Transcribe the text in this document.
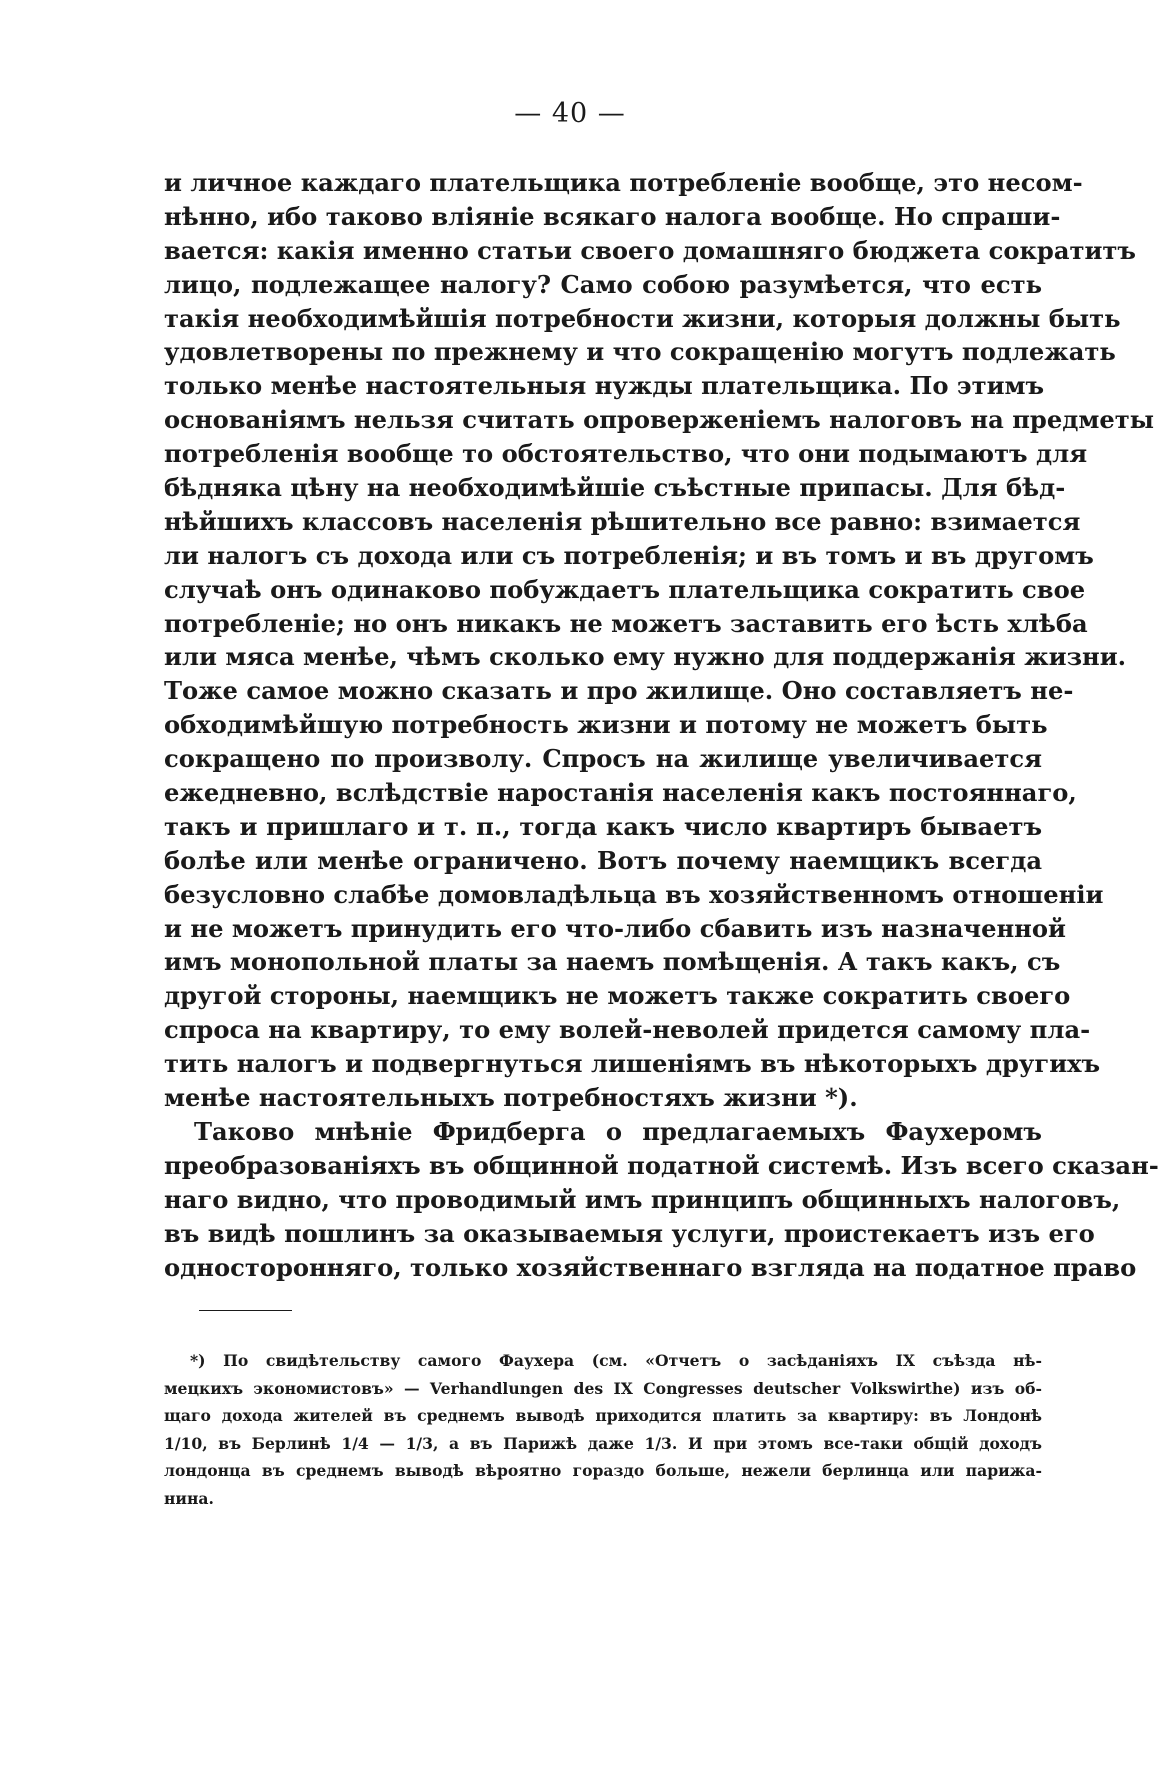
— 40 —
и личное каждаго плательщика потребленіе вообще, это несом-
нѣнно, ибо таково вліяніе всякаго налога вообще. Но спраши-
вается: какія именно статьи своего домашняго бюджета сократитъ
лицо, подлежащее налогу? Само собою разумѣется, что есть
такія необходимѣйшія потребности жизни, которыя должны быть
удовлетворены по прежнему и что сокращенію могутъ подлежать
только менѣе настоятельныя нужды плательщика. По этимъ
основаніямъ нельзя считать опроверженіемъ налоговъ на предметы
потребленія вообще то обстоятельство, что они подымаютъ для
бѣдняка цѣну на необходимѣйшіе съѣстные припасы. Для бѣд-
нѣйшихъ классовъ населенія рѣшительно все равно: взимается
ли налогъ съ дохода или съ потребленія; и въ томъ и въ другомъ
случаѣ онъ одинаково побуждаетъ плательщика сократить свое
потребленіе; но онъ никакъ не можетъ заставить его ѣсть хлѣба
или мяса менѣе, чѣмъ сколько ему нужно для поддержанія жизни.
Тоже самое можно сказать и про жилище. Оно составляетъ не-
обходимѣйшую потребность жизни и потому не можетъ быть
сокращено по произволу. Спросъ на жилище увеличивается
ежедневно, вслѣдствіе наростанія населенія какъ постояннаго,
такъ и пришлаго и т. п., тогда какъ число квартиръ бываетъ
болѣе или менѣе ограничено. Вотъ почему наемщикъ всегда
безусловно слабѣе домовладѣльца въ хозяйственномъ отношеніи
и не можетъ принудить его что-либо сбавить изъ назначенной
имъ монопольной платы за наемъ помѣщенія. А такъ какъ, съ
другой стороны, наемщикъ не можетъ также сократить своего
спроса на квартиру, то ему волей-неволей придется самому пла-
тить налогъ и подвергнуться лишеніямъ въ нѣкоторыхъ другихъ
менѣе настоятельныхъ потребностяхъ жизни *).
Таково мнѣніе Фридберга о предлагаемыхъ Фаухеромъ
преобразованіяхъ въ общинной податной системѣ. Изъ всего сказан-
наго видно, что проводимый имъ принципъ общинныхъ налоговъ,
въ видѣ пошлинъ за оказываемыя услуги, проистекаетъ изъ его
односторонняго, только хозяйственнаго взгляда на податное право
*) По свидѣтельству самого Фаухера (см. «Отчетъ о засѣданіяхъ IX съѣзда нѣ-
мецкихъ экономистовъ» — Verhandlungen des IX Congresses deutscher Volkswirthe) изъ об-
щаго дохода жителей въ среднемъ выводѣ приходится платить за квартиру: въ Лондонѣ
1/10, въ Берлинѣ 1/4 — 1/3, а въ Парижѣ даже 1/3. И при этомъ все-таки общій доходъ
лондонца въ среднемъ выводѣ вѣроятно гораздо больше, нежели берлинца или парижа-
нина.
